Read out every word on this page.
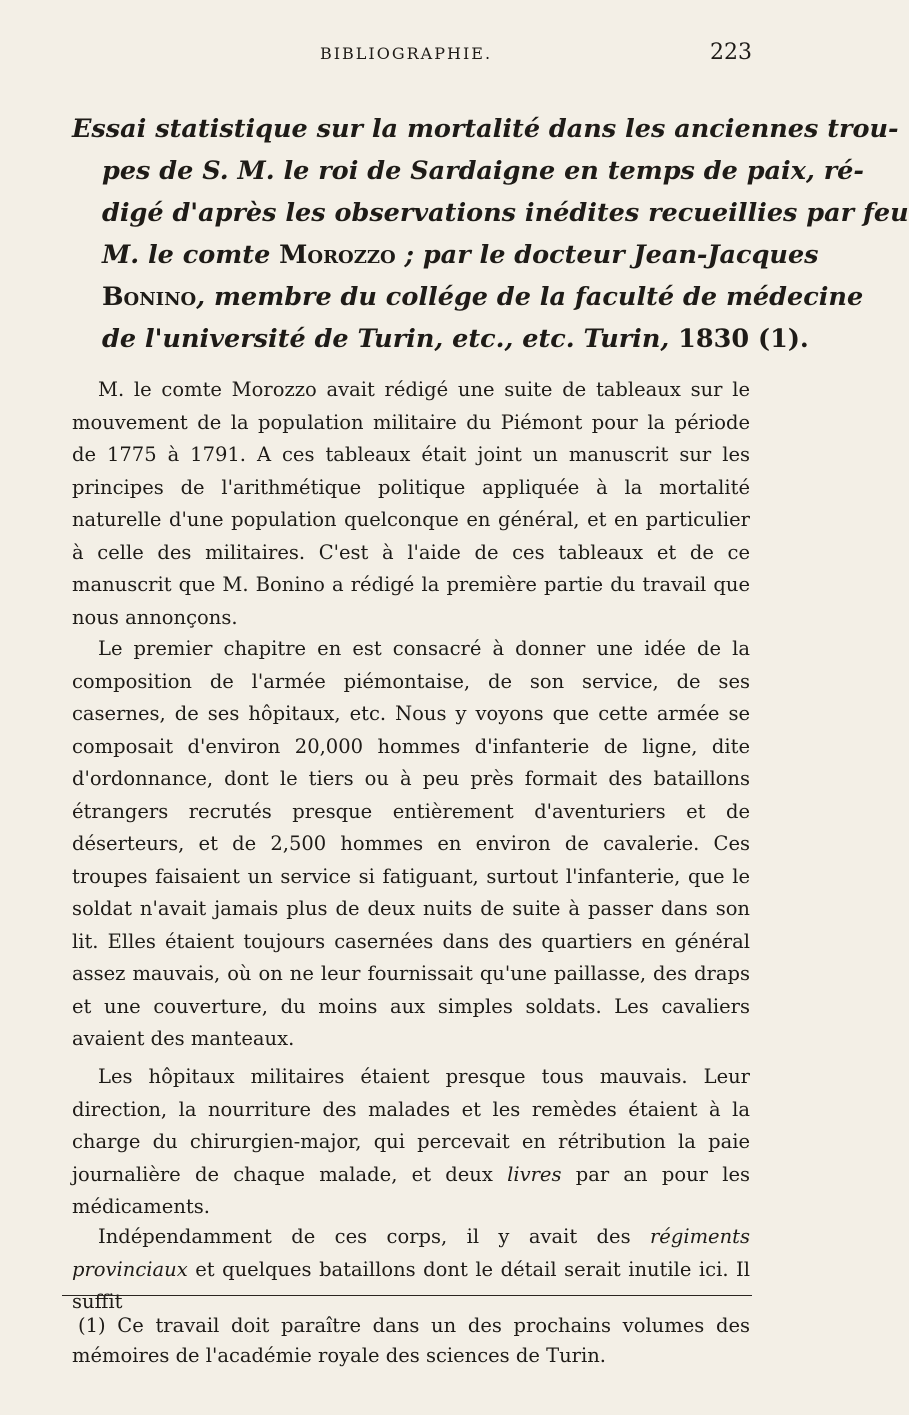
BIBLIOGRAPHIE.	223
Essai statistique sur la mortalité dans les anciennes trou-
pes de S. M. le roi de Sardaigne en temps de paix, ré-
digé d'après les observations inédites recueillies par feu
M. le comte Morozzo ; par le docteur Jean-Jacques
Bonino, membre du collége de la faculté de médecine
de l'université de Turin, etc., etc. Turin, 1830 (1).

M. le comte Morozzo avait rédigé une suite de tableaux sur le mouvement de la population militaire du Piémont pour la période de 1775 à 1791. A ces tableaux était joint un manuscrit sur les principes de l'arithmétique politique appliquée à la mortalité naturelle d'une population quelconque en général, et en particulier à celle des militaires. C'est à l'aide de ces tableaux et de ce manuscrit que M. Bonino a rédigé la première partie du travail que nous annonçons.

Le premier chapitre en est consacré à donner une idée de la composition de l'armée piémontaise, de son service, de ses casernes, de ses hôpitaux, etc. Nous y voyons que cette armée se composait d'environ 20,000 hommes d'infanterie de ligne, dite d'ordonnance, dont le tiers ou à peu près formait des bataillons étrangers recrutés presque entièrement d'aventuriers et de déserteurs, et de 2,500 hommes en environ de cavalerie. Ces troupes faisaient un service si fatiguant, surtout l'infanterie, que le soldat n'avait jamais plus de deux nuits de suite à passer dans son lit. Elles étaient toujours casernées dans des quartiers en général assez mauvais, où on ne leur fournissait qu'une paillasse, des draps et une couverture, du moins aux simples soldats. Les cavaliers avaient des manteaux.

Les hôpitaux militaires étaient presque tous mauvais. Leur direction, la nourriture des malades et les remèdes étaient à la charge du chirurgien-major, qui percevait en rétribution la paie journalière de chaque malade, et deux livres par an pour les médicaments.

Indépendamment de ces corps, il y avait des régiments provinciaux et quelques bataillons dont le détail serait inutile ici. Il suffit

(1) Ce travail doit paraître dans un des prochains volumes des mémoires de l'académie royale des sciences de Turin.
